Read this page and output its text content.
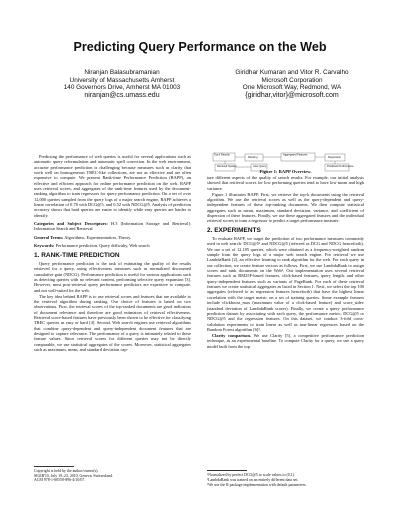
Predicting Query Performance on the Web
Niranjan Balasubramanian
University of Massachusetts Amherst
140 Governors Drive, Amherst MA 01003
niranjan@cs.umass.edu
Giridhar Kumaran and Vitor R. Carvalho
Microsoft Corporation
One Microsoft Way, Redmond, WA
{giridhar,vitor}@microsoft.com

Predicting the performance of web queries is useful for several applications such as automatic query reformulation and automatic spell correction. In the web environment, accurate performance prediction is challenging because measures such as clarity that work well on homogeneous TREC-like collections, are not as effective and are often expensive to compute. We present Rank-time Performance Prediction (RAPP), an effective and efficient approach for online performance prediction on the web. RAPP uses retrieval scores, and aggregates of the rank-time features used by the document-ranking algorithm to train regressors for query performance prediction. On a set of over 12,000 queries sampled from the query logs of a major search engine, RAPP achieves a linear correlation of 0.78 with DCG@5, and 0.52 with NDCG@5. Analysis of prediction accuracy shows that hard queries are easier to identify while easy queries are harder to identify.

Categories and Subject Descriptors: H.3 [Information Storage and Retrieval]: Information Search and Retrieval

General Terms: Algorithms, Experimentation, Theory.

Keywords: Performance prediction, Query difficulty, Web search

1. RANK-TIME PREDICTION

Query performance prediction is the task of estimating the quality of the results retrieved for a query, using effectiveness measures such as normalized discounted cumulative gain (NDCG). Performance prediction is useful for various applications such as detecting queries with no relevant content, performing selective query expansion [3]. However, most post-retrieval query performance predictors are expensive to compute, and not well-suited for the web.

The key idea behind RAPP is to use retrieval scores and features that are available to the retrieval algorithm during ranking. Our choice of features is based on two observations. First, the retrieval scores of the top-ranked documents are good indicators of document relevance and therefore are good estimators of retrieval effectiveness. Retrieval score-based features have previously been shown to be effective for classifying TREC queries as easy or hard [4]. Second, Web search engines use retrieval algorithms that combine query-dependent and query-independent document features that are designed to capture relevance. The performance of a query is intimately related to these feature values. Since retrieval scores for different queries may not be directly comparable, we use statistical aggregates of the scores. Moreover, statistical aggregates such as maximum, mean, and standard deviation cap-

Copyright is held by the author/owner(s).
SIGIR'10, July 19–23, 2010, Geneva, Switzerland.
ACM 978-1-60558-896-4/10/07.
Top-k Results
Ranking
Aggregated Features
Regression
Retrieval System	User Query	Predicted Performance
Figure 1: RAPP Overview.

ture different aspects of the quality of search results. For example, our initial analysis showed that retrieval scores for low performing queries tend to have low mean and high variance.

Figure 1 illustrates RAPP. First, we retrieve the top-k documents using the retrieval algorithm. We use the retrieval scores as well as the query-dependent and query-independent features of these top-ranking documents. We then compute statistical aggregates such as mean, maximum, standard deviation, variance, and coefficient of dispersion of these features. Finally, we use these aggregated features and the individual retrieval scores to train a regressor to predict a target performance measure.

2. EXPERIMENTS

To evaluate RAPP, we target the prediction of two performance measures commonly used in web search: DCG@5¹ and NDCG@5 (referred as DCG and NDCG henceforth). We use a set of 12,185 queries, which were obtained as a frequency-weighted random sample from the query logs of a major web search engine. For retrieval we use LambdaRank [2], an effective learning to rank algorithm for the web. For each query in our collection, we create feature vectors as follows. First, we use LambdaRank to assign scores and rank documents on the Web². Our implementation uses several retrieval features such as BM25F-based features, click-based features, query length, and other query-independent features such as variants of PageRank. For each of these retrieval features we create statistical aggregates as listed in Section 1. Next, we select the top 100 aggregates (referred to as regression features henceforth) that have the highest linear correlation with the target metric on a set of training queries. Some example features include clickboost_max (maximum value of a click-based feature) and score_stdev (standard deviation of LambdaRank scores). Finally, we create a query performance prediction dataset by associating with each query, the performance metric, DCG@5 or NDCG@5 and the regression features. On this dataset, we conduct 3-fold cross-validation experiments to train linear as well as non-linear regressors based on the Random Forest algorithm [6]³.

Clarity comparison. We use Clarity [5], a competitive performance prediction technique, as an experimental baseline. To compute Clarity for a query, we use a query model built from the top

¹Normalized by perfect DCG@5 to scale values to (0,1)
²LambdaRank was trained on an entirely different data set.
³We use the R package implementation with default parameters.
